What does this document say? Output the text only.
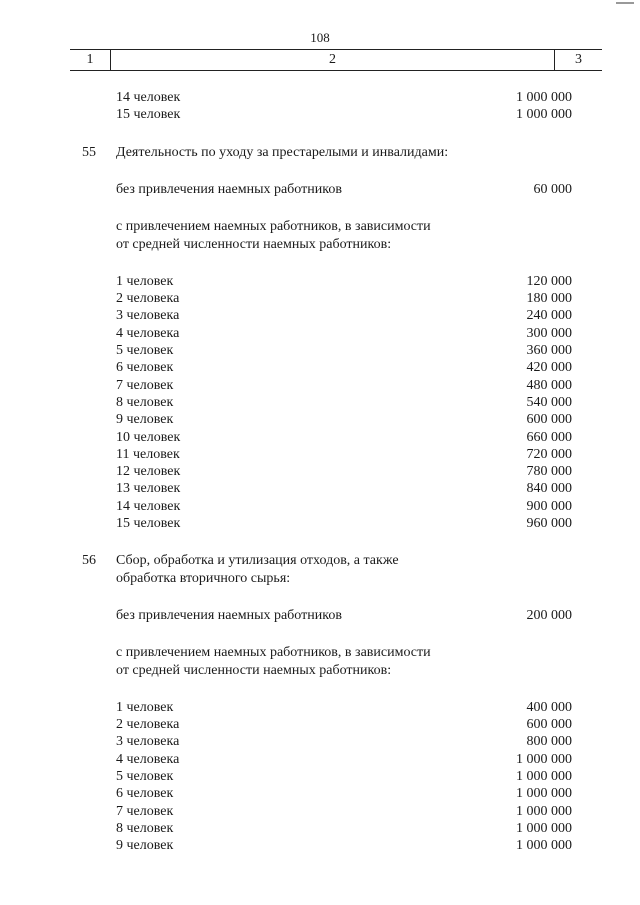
108
1	2	3
14 человек	1 000 000
15 человек	1 000 000
55 Деятельность по уходу за престарелыми и инвалидами:
без привлечения наемных работников	60 000
с привлечением наемных работников, в зависимости
от средней численности наемных работников:
1 человек	120 000
2 человека	180 000
3 человека	240 000
4 человека	300 000
5 человек	360 000
6 человек	420 000
7 человек	480 000
8 человек	540 000
9 человек	600 000
10 человек	660 000
11 человек	720 000
12 человек	780 000
13 человек	840 000
14 человек	900 000
15 человек	960 000
56 Сбор, обработка и утилизация отходов, а также
обработка вторичного сырья:
без привлечения наемных работников	200 000
с привлечением наемных работников, в зависимости
от средней численности наемных работников:
1 человек	400 000
2 человека	600 000
3 человека	800 000
4 человека	1 000 000
5 человек	1 000 000
6 человек	1 000 000
7 человек	1 000 000
8 человек	1 000 000
9 человек	1 000 000
